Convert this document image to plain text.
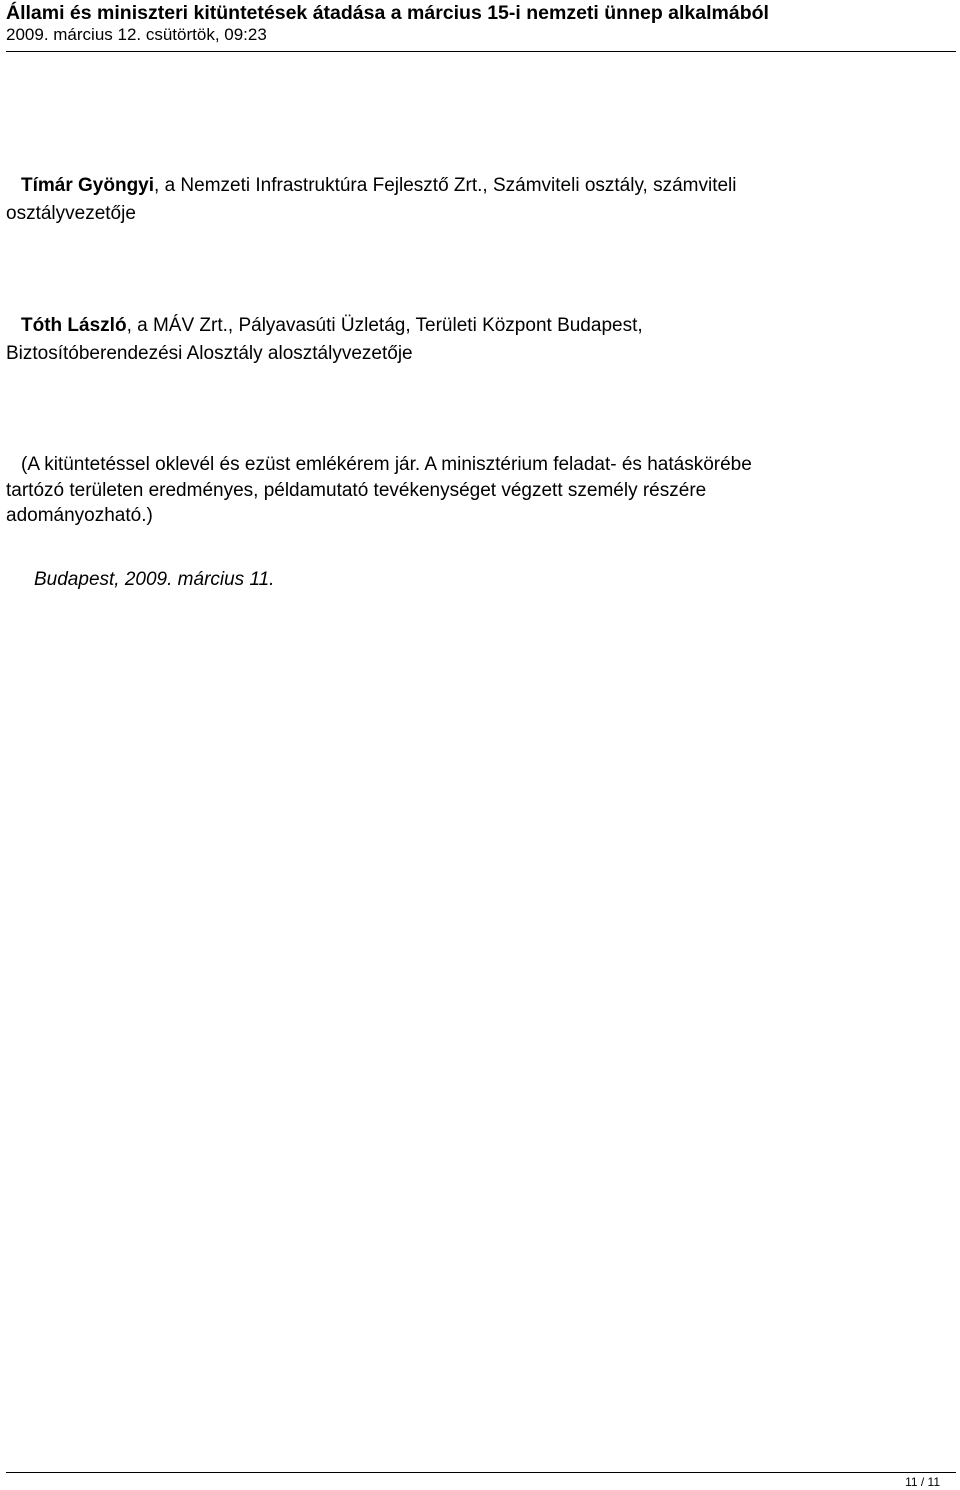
Állami és miniszteri kitüntetések átadása a március 15-i nemzeti ünnep alkalmából
2009. március 12. csütörtök, 09:23
Tímár Gyöngyi, a Nemzeti Infrastruktúra Fejlesztő Zrt., Számviteli osztály, számviteli
osztályvezetője
Tóth László, a MÁV Zrt., Pályavasúti Üzletág, Területi Központ Budapest,
Biztosítóberendezési Alosztály alosztályvezetője
(A kitüntetéssel oklevél és ezüst emlékérem jár. A minisztérium feladat- és hatáskörébe
tartózó területen eredményes, példamutató tevékenységet végzett személy részére
adományozható.)
Budapest, 2009. március 11.
11 / 11
